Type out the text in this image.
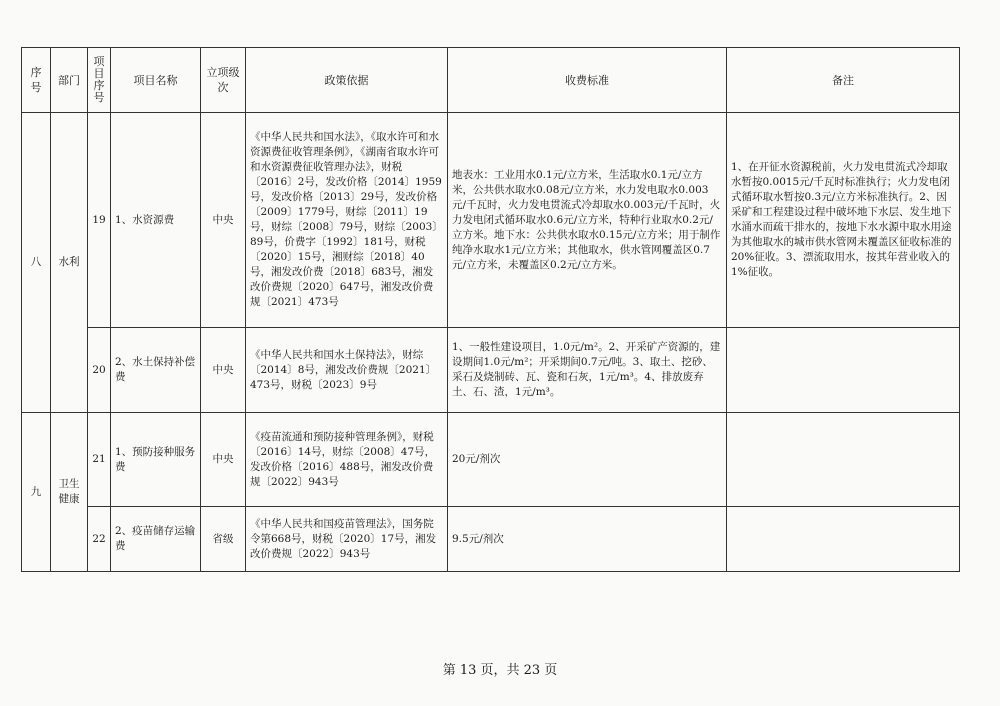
序号	部门	项目序号	项目名称	立项级次	政策依据	收费标准	备注
八	水利	19	1、水资源费	中央	《中华人民共和国水法》，《取水许可和水资源费征收管理条例》，《湖南省取水许可和水资源费征收管理办法》，财税〔2016〕2号，发改价格〔2014〕1959号，发改价格〔2013〕29号，发改价格〔2009〕1779号，财综〔2011〕19号，财综〔2008〕79号，财综〔2003〕89号，价费字〔1992〕181号，财税〔2020〕15号，湘财综〔2018〕40号，湘发改价费〔2018〕683号，湘发改价费规〔2020〕647号，湘发改价费规〔2021〕473号	地表水：工业用水0.1元/立方米，生活取水0.1元/立方米，公共供水取水0.08元/立方米，水力发电取水0.003元/千瓦时，火力发电贯流式冷却取水0.003元/千瓦时，火力发电闭式循环取水0.6元/立方米，特种行业取水0.2元/立方米。地下水：公共供水取水0.15元/立方米；用于制作纯净水取水1元/立方米；其他取水，供水管网覆盖区0.7元/立方米，未覆盖区0.2元/立方米。	1、在开征水资源税前，火力发电贯流式冷却取水暂按0.0015元/千瓦时标准执行；火力发电闭式循环取水暂按0.3元/立方米标准执行。2、因采矿和工程建设过程中破坏地下水层、发生地下水涌水而疏干排水的，按地下水水源中取水用途为其他取水的城市供水管网未覆盖区征收标准的20%征收。3、漂流取用水，按其年营业收入的1%征收。
		20	2、水土保持补偿费	中央	《中华人民共和国水土保持法》，财综〔2014〕8号，湘发改价费规〔2021〕473号，财税〔2023〕9号	1、一般性建设项目，1.0元/m²。2、开采矿产资源的，建设期间1.0元/m²；开采期间0.7元/吨。3、取土、挖砂、采石及烧制砖、瓦、瓷和石灰，1元/m³。4、排放废弃土、石、渣，1元/m³。	
九	卫生健康	21	1、预防接种服务费	中央	《疫苗流通和预防接种管理条例》，财税〔2016〕14号，财综〔2008〕47号，发改价格〔2016〕488号，湘发改价费规〔2022〕943号	20元/剂次	
		22	2、疫苗储存运输费	省级	《中华人民共和国疫苗管理法》，国务院令第668号，财税〔2020〕17号，湘发改价费规〔2022〕943号	9.5元/剂次	
第 13 页，共 23 页
